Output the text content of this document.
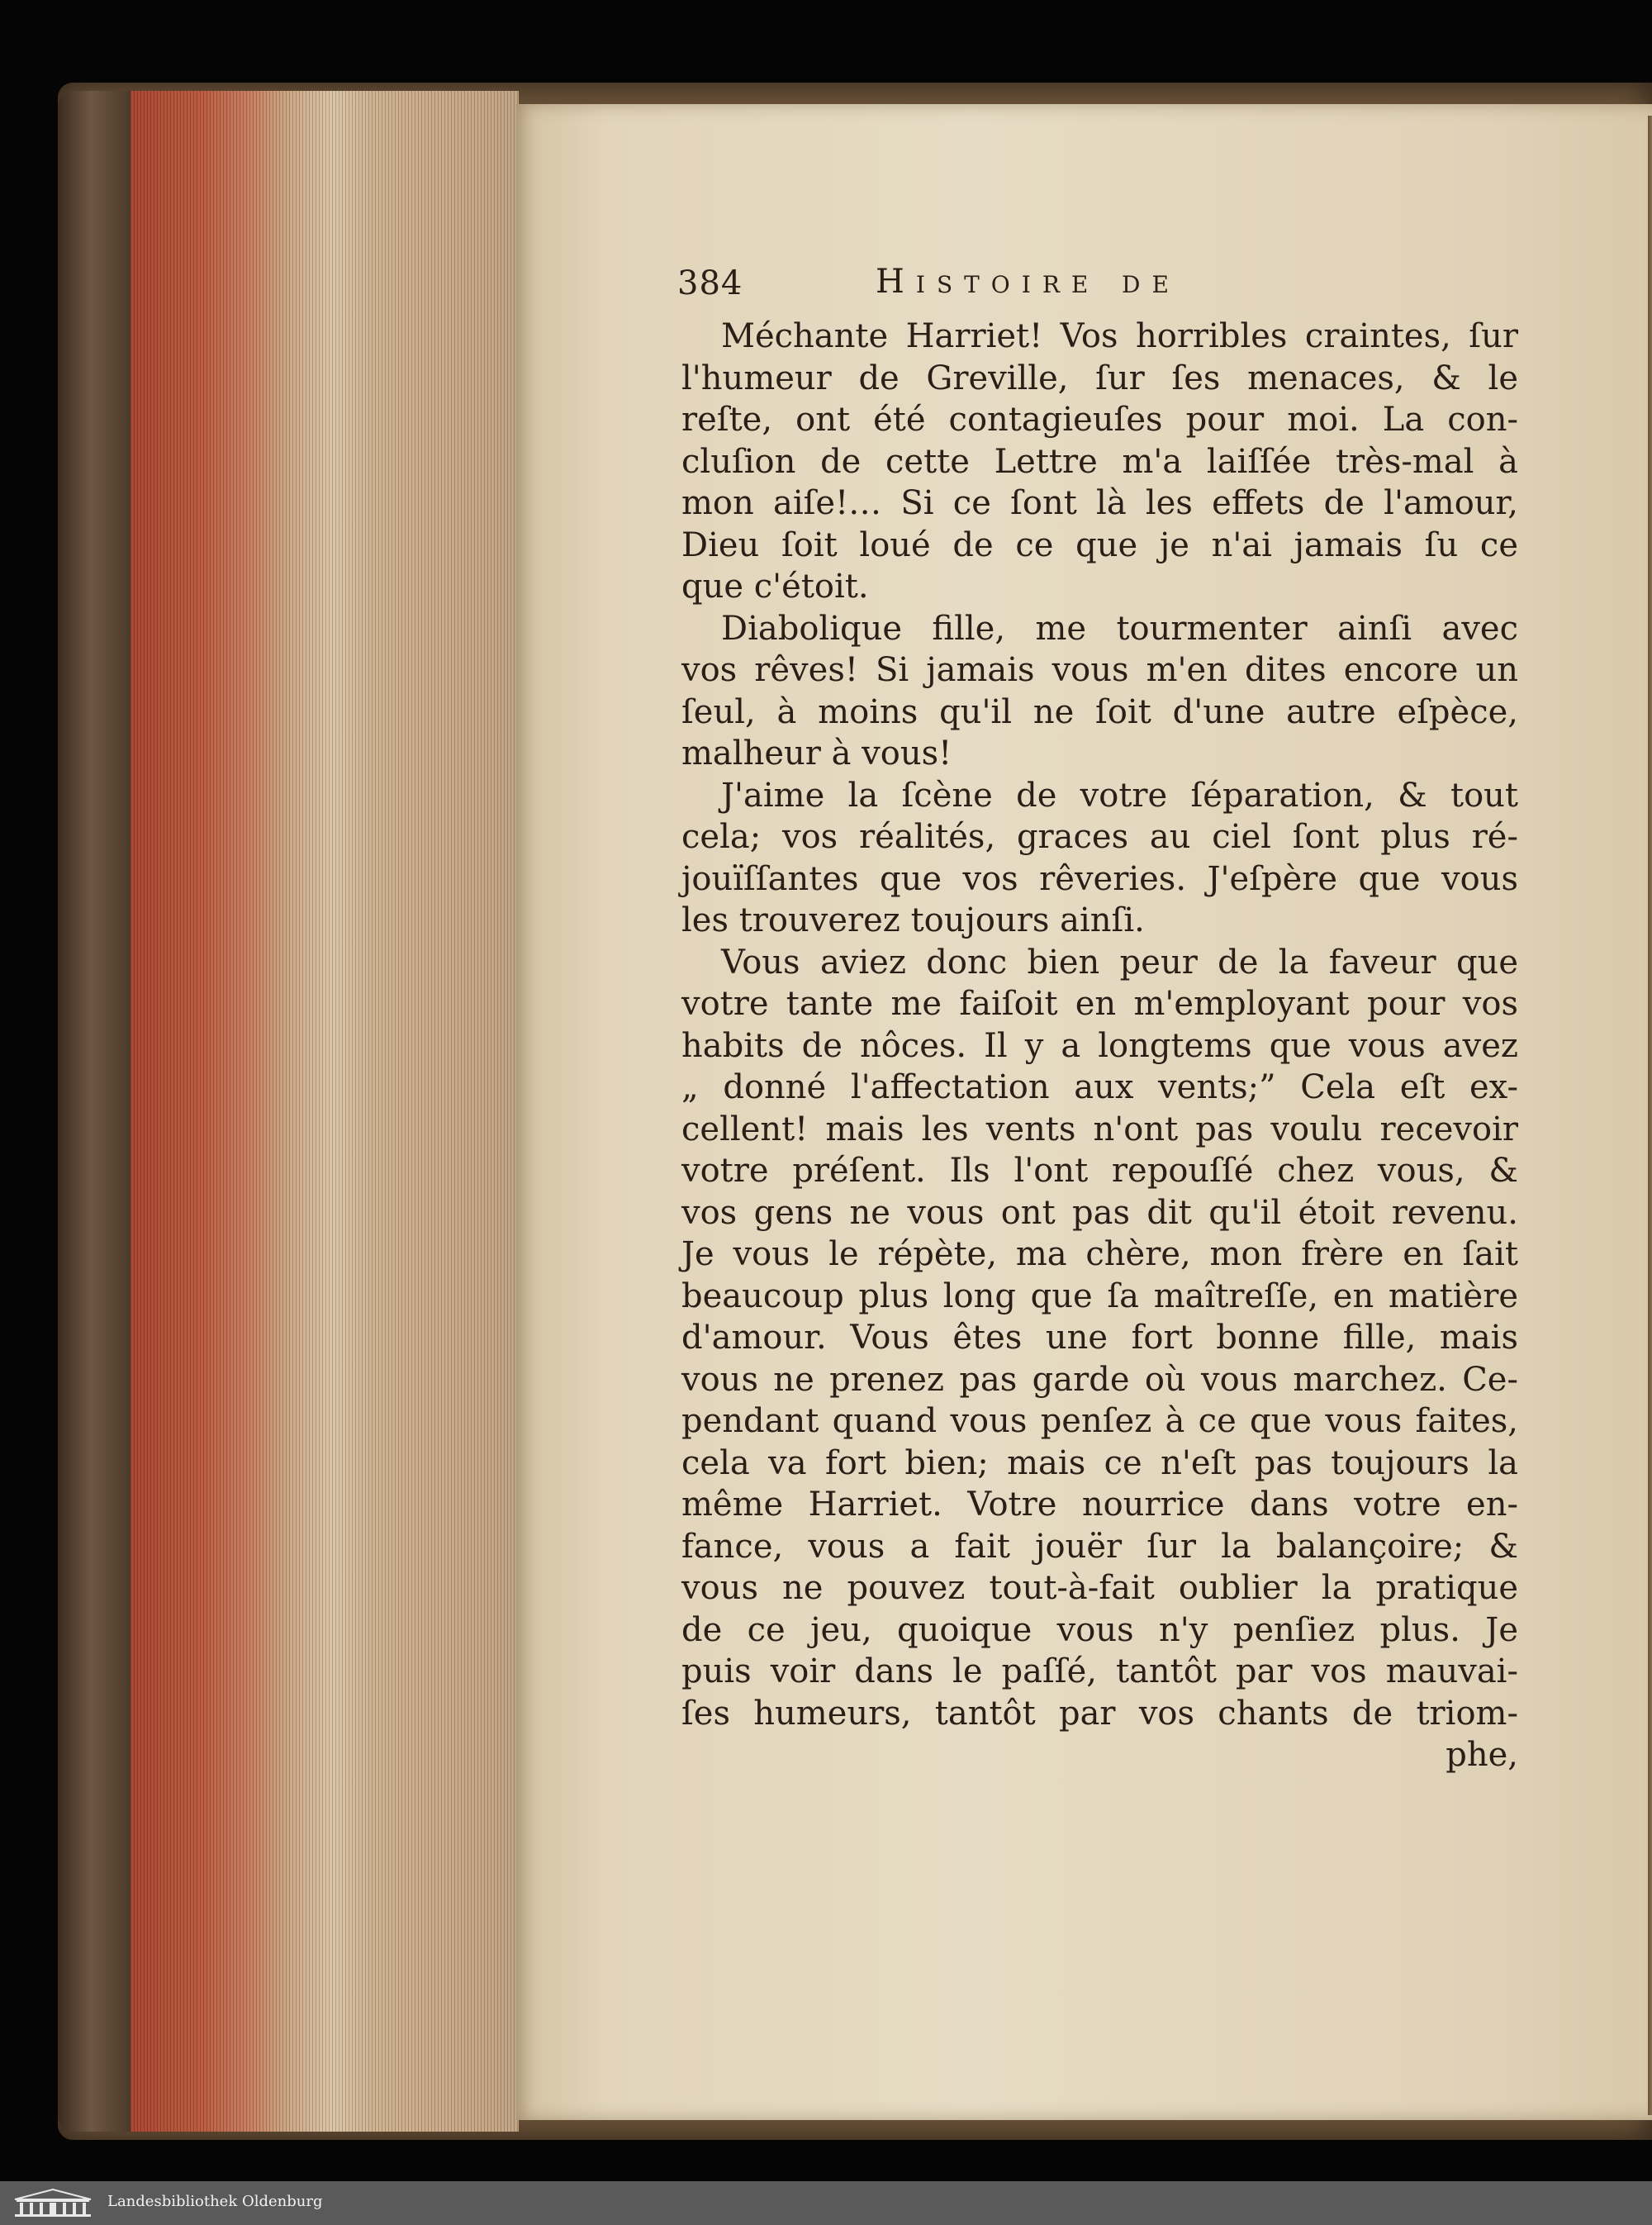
384	Histoire de
Méchante Harriet! Vos horribles craintes, ſur
l'humeur de Greville, ſur ſes menaces, & le
reſte, ont été contagieuſes pour moi. La con-
cluſion de cette Lettre m'a laiſſée très-mal à
mon aiſe!… Si ce ſont là les effets de l'amour,
Dieu ſoit loué de ce que je n'ai jamais ſu ce
que c'étoit.
Diabolique fille, me tourmenter ainſi avec
vos rêves! Si jamais vous m'en dites encore un
ſeul, à moins qu'il ne ſoit d'une autre eſpèce,
malheur à vous!
J'aime la ſcène de votre ſéparation, & tout
cela; vos réalités, graces au ciel ſont plus ré-
jouïſſantes que vos rêveries. J'eſpère que vous
les trouverez toujours ainſi.
Vous aviez donc bien peur de la faveur que
votre tante me faiſoit en m'employant pour vos
habits de nôces. Il y a longtems que vous avez
„ donné l'affectation aux vents;” Cela eſt ex-
cellent! mais les vents n'ont pas voulu recevoir
votre préſent. Ils l'ont repouſſé chez vous, &
vos gens ne vous ont pas dit qu'il étoit revenu.
Je vous le répète, ma chère, mon frère en ſait
beaucoup plus long que ſa maîtreſſe, en matière
d'amour. Vous êtes une fort bonne fille, mais
vous ne prenez pas garde où vous marchez. Ce-
pendant quand vous penſez à ce que vous faites,
cela va fort bien; mais ce n'eſt pas toujours la
même Harriet. Votre nourrice dans votre en-
fance, vous a fait jouër ſur la balançoire; &
vous ne pouvez tout-à-fait oublier la pratique
de ce jeu, quoique vous n'y penſiez plus. Je
puis voir dans le paſſé, tantôt par vos mauvai-
ſes humeurs, tantôt par vos chants de triom-
phe,
Landesbibliothek Oldenburg
